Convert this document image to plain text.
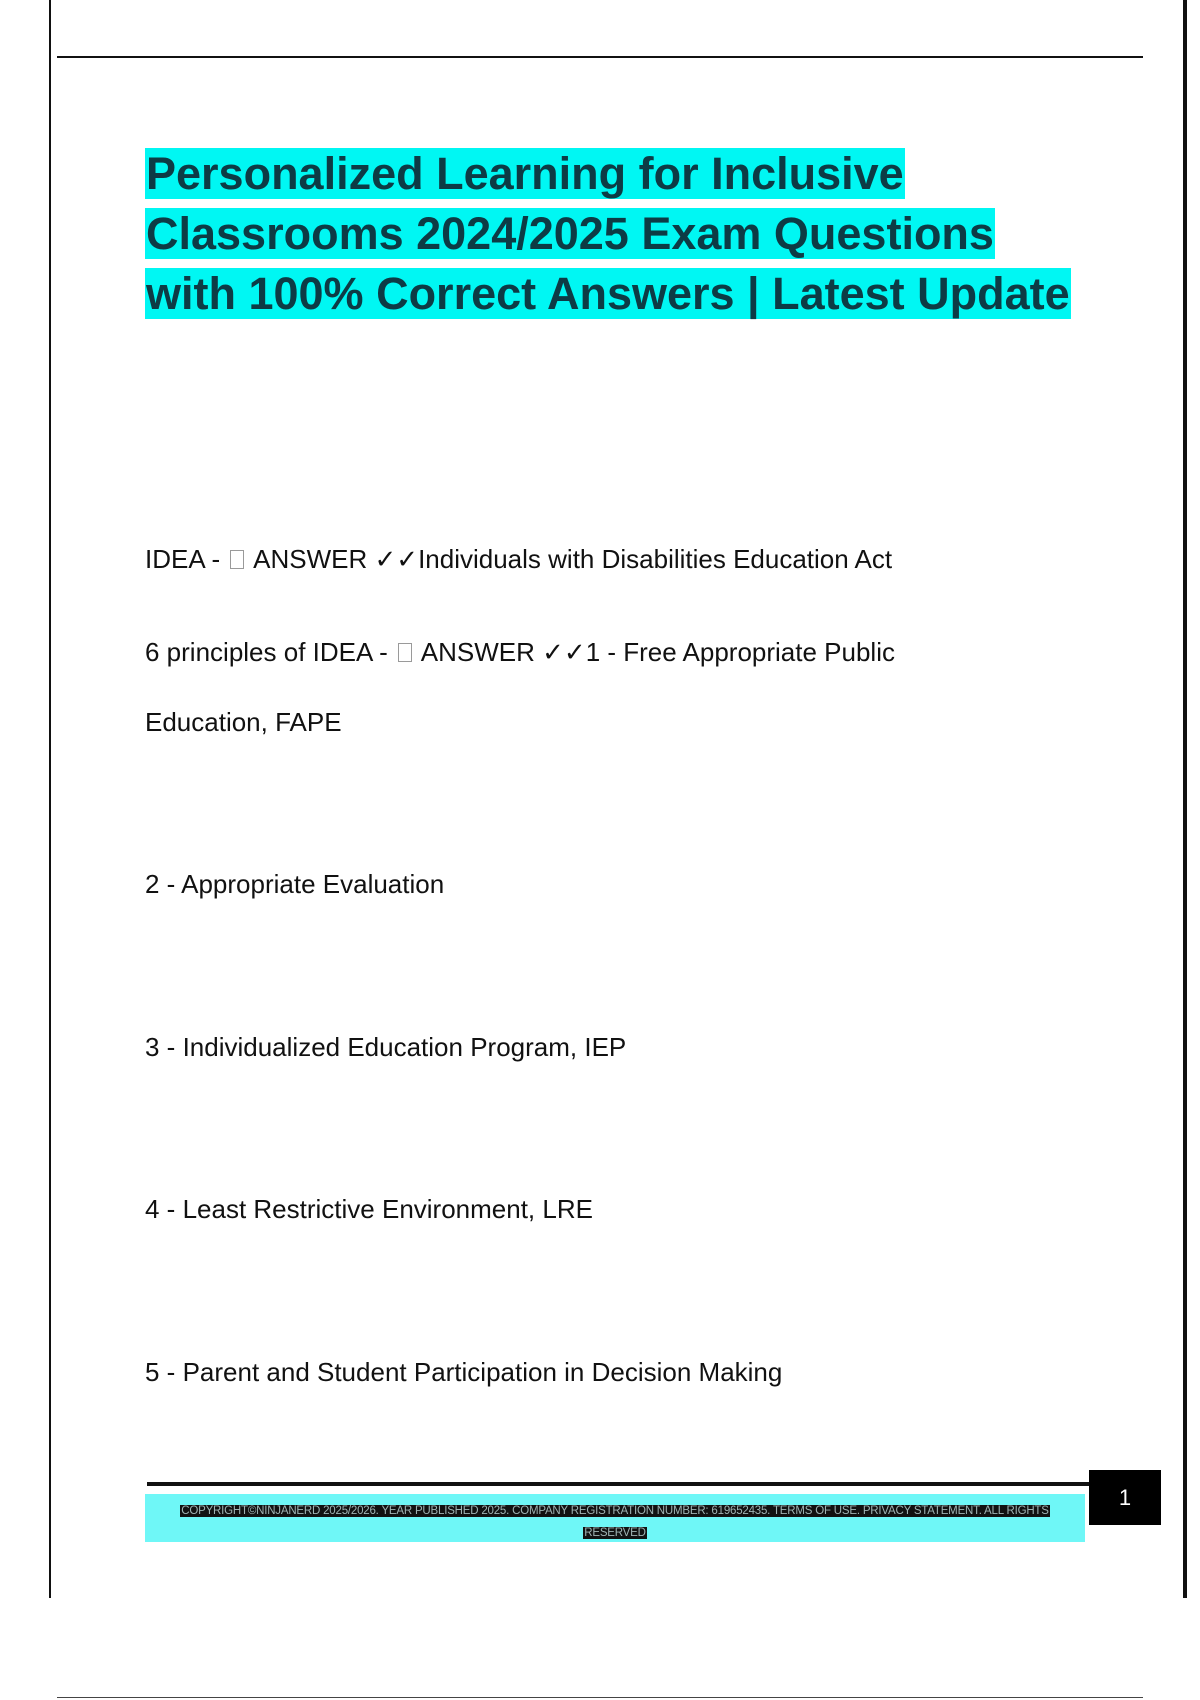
Personalized Learning for Inclusive Classrooms 2024/2025 Exam Questions with 100% Correct Answers | Latest Update
IDEA -  ANSWER ✓✓Individuals with Disabilities Education Act
6 principles of IDEA -  ANSWER ✓✓1 - Free Appropriate Public
Education, FAPE
2 - Appropriate Evaluation
3 - Individualized Education Program, IEP
4 - Least Restrictive Environment, LRE
5 - Parent and Student Participation in Decision Making
COPYRIGHT©NINJANERD 2025/2026. YEAR PUBLISHED 2025. COMPANY REGISTRATION NUMBER: 619652435. TERMS OF USE. PRIVACY STATEMENT. ALL RIGHTS RESERVED
1
